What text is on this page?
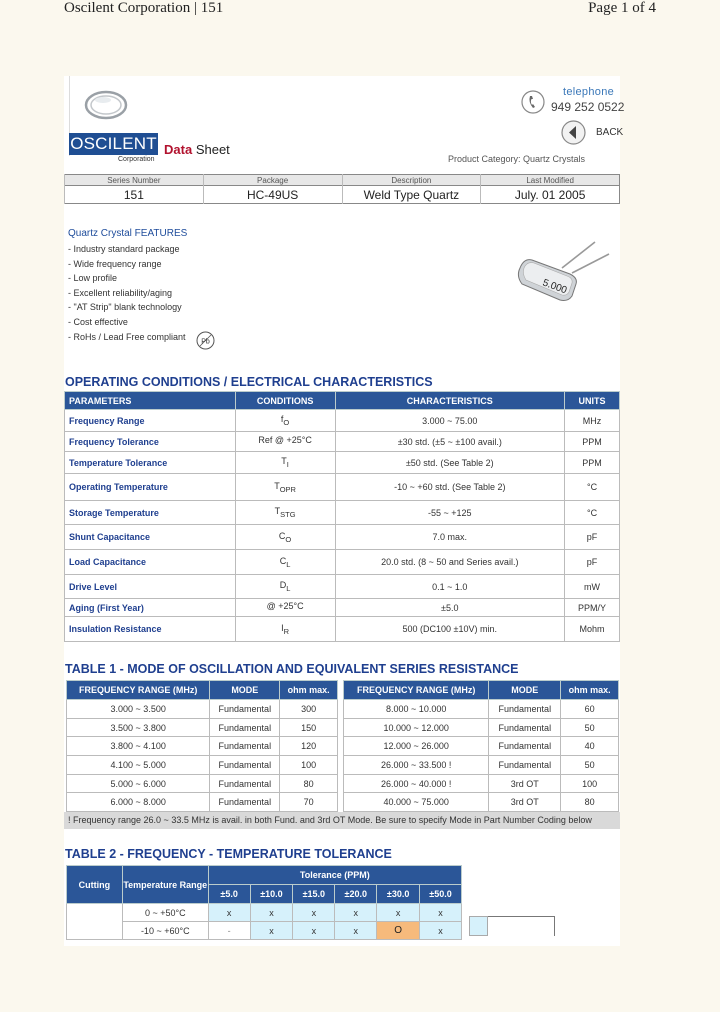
Oscilent Corporation | 151	Page 1 of 4
OSCILENT
Corporation
Data Sheet
telephone
949 252 0522
BACK
Product Category: Quartz Crystals
Series Number	Package	Description	Last Modified
151	HC-49US	Weld Type Quartz	July. 01 2005
Quartz Crystal FEATURES
- Industry standard package
- Wide frequency range
- Low profile
- Excellent reliability/aging
- "AT Strip" blank technology
- Cost effective
- RoHs / Lead Free compliant
Pb
5.000
OPERATING CONDITIONS / ELECTRICAL CHARACTERISTICS
PARAMETERS	CONDITIONS	CHARACTERISTICS	UNITS
Frequency Range	$f_O$	3.000 ~ 75.00	MHz
Frequency Tolerance	Ref @ +25°C	±30 std. (±5 ~ ±100 avail.)	PPM
Temperature Tolerance	$T_I$	±50 std. (See Table 2)	PPM
Operating Temperature	$T_{OPR}$	-10 ~ +60 std. (See Table 2)	°C
Storage Temperature	$T_{STG}$	-55 ~ +125	°C
Shunt Capacitance	$C_O$	7.0 max.	pF
Load Capacitance	$C_L$	20.0 std. (8 ~ 50 and Series avail.)	pF
Drive Level	$D_L$	0.1 ~ 1.0	mW
Aging (First Year)	@ +25°C	±5.0	PPM/Y
Insulation Resistance	$I_R$	500 (DC100 ±10V) min.	Mohm
TABLE 1 - MODE OF OSCILLATION AND EQUIVALENT SERIES RESISTANCE
FREQUENCY RANGE (MHz)	MODE	ohm max.
3.000 ~ 3.500	Fundamental	300
3.500 ~ 3.800	Fundamental	150
3.800 ~ 4.100	Fundamental	120
4.100 ~ 5.000	Fundamental	100
5.000 ~ 6.000	Fundamental	80
6.000 ~ 8.000	Fundamental	70
FREQUENCY RANGE (MHz)	MODE	ohm max.
8.000 ~ 10.000	Fundamental	60
10.000 ~ 12.000	Fundamental	50
12.000 ~ 26.000	Fundamental	40
26.000 ~ 33.500 !	Fundamental	50
26.000 ~ 40.000 !	3rd OT	100
40.000 ~ 75.000	3rd OT	80
! Frequency range 26.0 ~ 33.5 MHz is avail. in both Fund. and 3rd OT Mode. Be sure to specify Mode in Part Number Coding below
TABLE 2 - FREQUENCY - TEMPERATURE TOLERANCE
Cutting	Temperature Range	Tolerance (PPM)					
		±5.0	±10.0	±15.0	±20.0	±30.0	±50.0
	0 ~ +50°C	x	x	x	x	x	x
	-10 ~ +60°C	-	x	x	x	O	x
